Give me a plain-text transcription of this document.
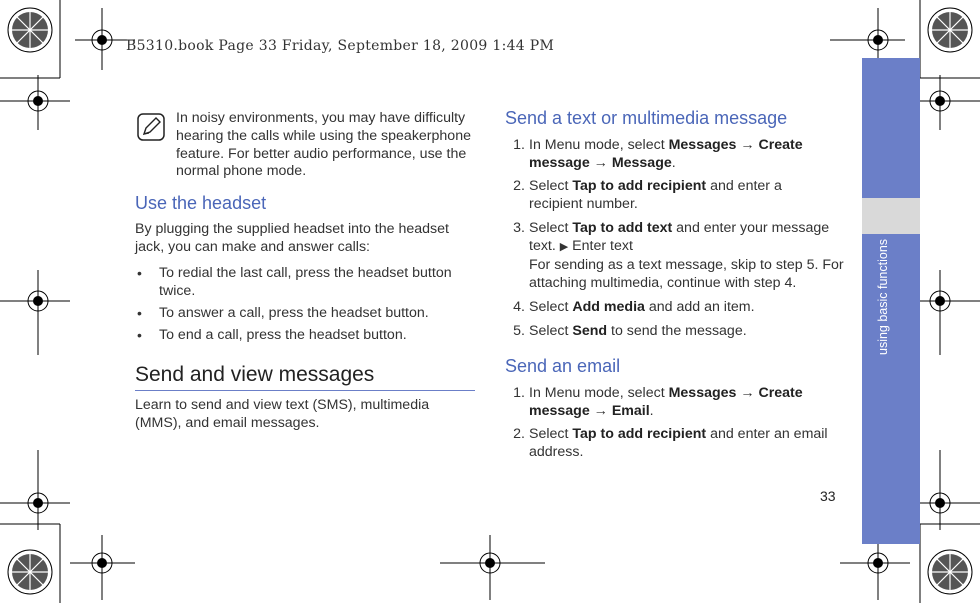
B5310.book Page 33 Friday, September 18, 2009 1:44 PM
using basic functions
33
In noisy environments, you may have difficulty hearing the calls while using the speakerphone feature. For better audio performance, use the normal phone mode.
Use the headset
By plugging the supplied headset into the headset jack, you can make and answer calls:
• To redial the last call, press the headset button twice.
• To answer a call, press the headset button.
• To end a call, press the headset button.
Send and view messages
Learn to send and view text (SMS), multimedia (MMS), and email messages.
Send a text or multimedia message
1. In Menu mode, select Messages → Create message → Message.
2. Select Tap to add recipient and enter a recipient number.
3. Select Tap to add text and enter your message text. ▶ Enter text
For sending as a text message, skip to step 5. For attaching multimedia, continue with step 4.
4. Select Add media and add an item.
5. Select Send to send the message.
Send an email
1. In Menu mode, select Messages → Create message → Email.
2. Select Tap to add recipient and enter an email address.
